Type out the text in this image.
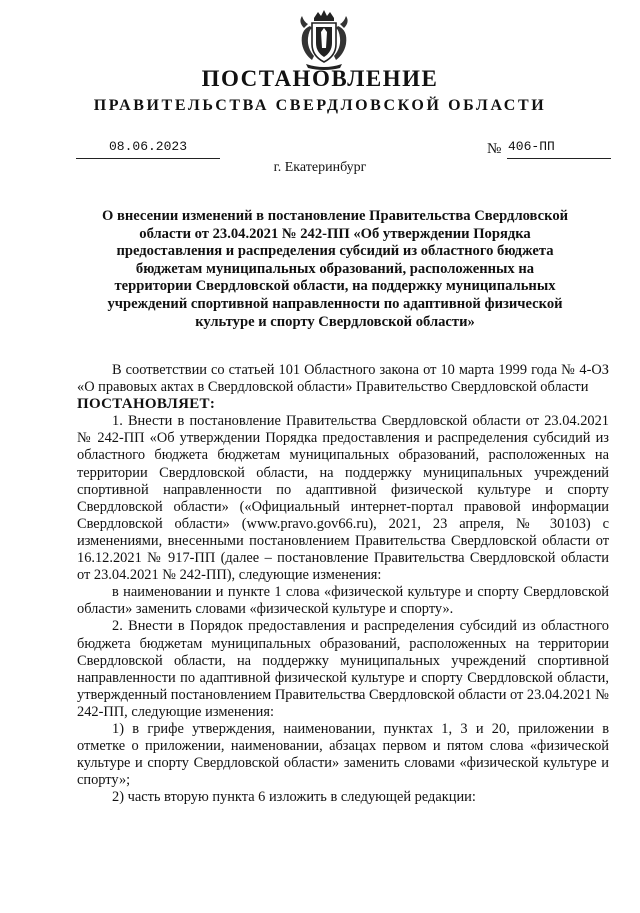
ПОСТАНОВЛЕНИЕ
ПРАВИТЕЛЬСТВА СВЕРДЛОВСКОЙ ОБЛАСТИ
08.06.2023	№ 406-ПП
г. Екатеринбург
О внесении изменений в постановление Правительства Свердловской области от 23.04.2021 № 242-ПП «Об утверждении Порядка предоставления и распределения субсидий из областного бюджета бюджетам муниципальных образований, расположенных на территории Свердловской области, на поддержку муниципальных учреждений спортивной направленности по адаптивной физической культуре и спорту Свердловской области»

В соответствии со статьей 101 Областного закона от 10 марта 1999 года № 4-ОЗ «О правовых актах в Свердловской области» Правительство Свердловской области

ПОСТАНОВЛЯЕТ:

1. Внести в постановление Правительства Свердловской области от 23.04.2021 № 242-ПП «Об утверждении Порядка предоставления и распределения субсидий из областного бюджета бюджетам муниципальных образований, расположенных на территории Свердловской области, на поддержку муниципальных учреждений спортивной направленности по адаптивной физической культуре и спорту Свердловской области» («Официальный интернет-портал правовой информации Свердловской области» (www.pravo.gov66.ru), 2021, 23 апреля, № 30103) с изменениями, внесенными постановлением Правительства Свердловской области от 16.12.2021 № 917-ПП (далее – постановление Правительства Свердловской области от 23.04.2021 № 242-ПП), следующие изменения:

в наименовании и пункте 1 слова «физической культуре и спорту Свердловской области» заменить словами «физической культуре и спорту».

2. Внести в Порядок предоставления и распределения субсидий из областного бюджета бюджетам муниципальных образований, расположенных на территории Свердловской области, на поддержку муниципальных учреждений спортивной направленности по адаптивной физической культуре и спорту Свердловской области, утвержденный постановлением Правительства Свердловской области от 23.04.2021 № 242-ПП, следующие изменения:

1) в грифе утверждения, наименовании, пунктах 1, 3 и 20, приложении в отметке о приложении, наименовании, абзацах первом и пятом слова «физической культуре и спорту Свердловской области» заменить словами «физической культуре и спорту»;

2) часть вторую пункта 6 изложить в следующей редакции:
